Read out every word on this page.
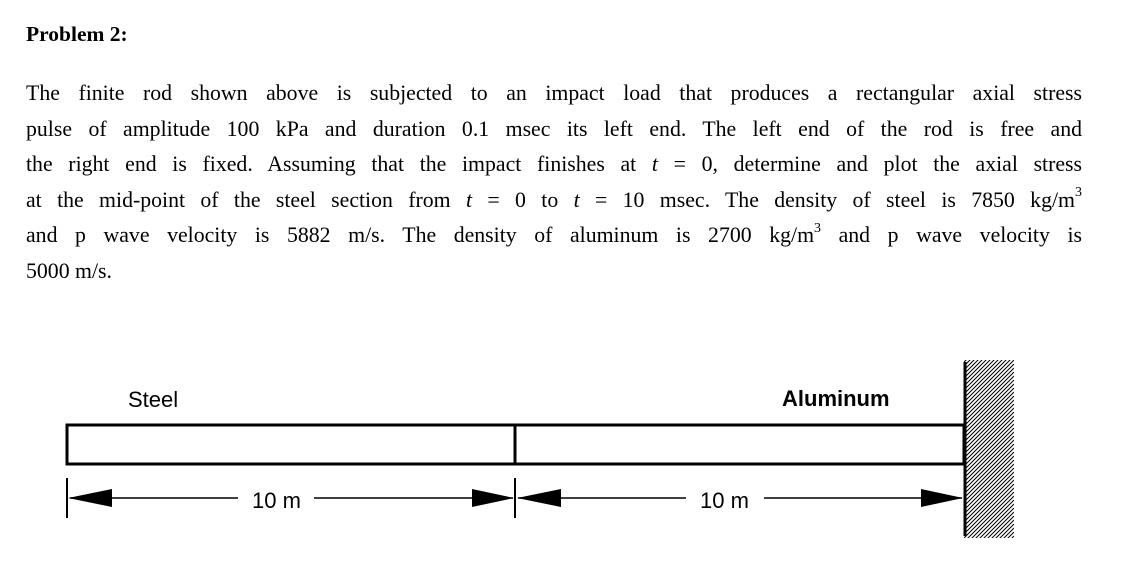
Problem 2:
The finite rod shown above is subjected to an impact load that produces a rectangular axial stress
pulse of amplitude 100 kPa and duration 0.1 msec its left end. The left end of the rod is free and
the right end is fixed. Assuming that the impact finishes at t = 0, determine and plot the axial stress
at the mid-point of the steel section from t = 0 to t = 10 msec. The density of steel is 7850 $kg/m^3$
and p wave velocity is 5882 m/s. The density of aluminum is 2700 $kg/m^3$ and p wave velocity is
5000 m/s.
Steel	Aluminum
10 m	10 m
